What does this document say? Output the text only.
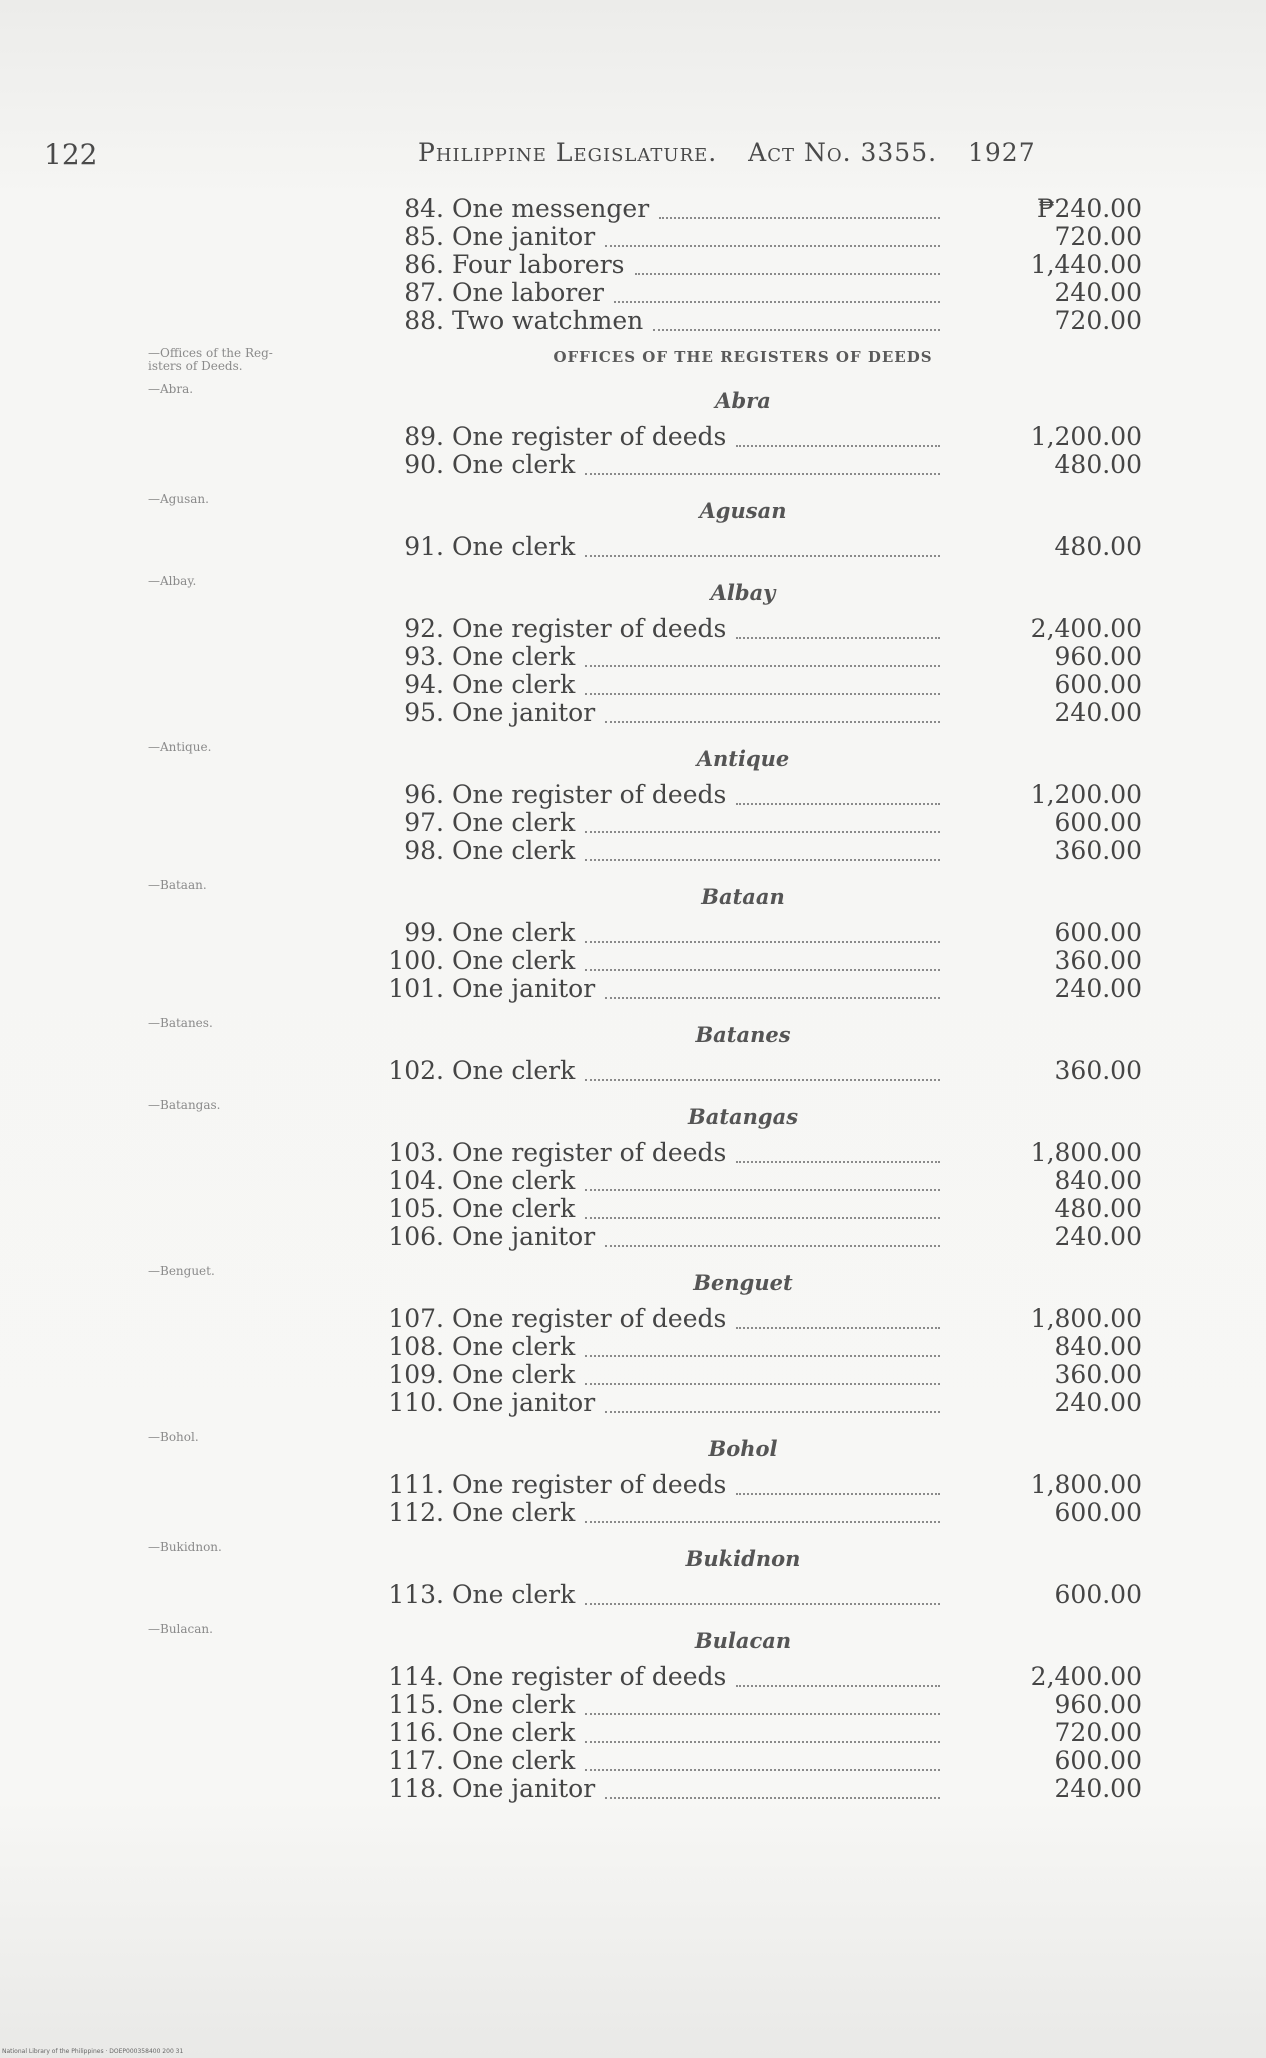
122	Philippine Legislature. Act No. 3355. 1927
—Offices of the Reg-
isters of Deeds.
—Abra.
—Agusan.
—Albay.
—Antique.
—Bataan.
—Batanes.
—Batangas.
—Benguet.
—Bohol.
—Bukidnon.
—Bulacan.
84. One messenger	₱240.00
85. One janitor	720.00
86. Four laborers	1,440.00
87. One laborer	240.00
88. Two watchmen	720.00
OFFICES OF THE REGISTERS OF DEEDS
Abra
89. One register of deeds	1,200.00
90. One clerk	480.00
Agusan
91. One clerk	480.00
Albay
92. One register of deeds	2,400.00
93. One clerk	960.00
94. One clerk	600.00
95. One janitor	240.00
Antique
96. One register of deeds	1,200.00
97. One clerk	600.00
98. One clerk	360.00
Bataan
99. One clerk	600.00
100. One clerk	360.00
101. One janitor	240.00
Batanes
102. One clerk	360.00
Batangas
103. One register of deeds	1,800.00
104. One clerk	840.00
105. One clerk	480.00
106. One janitor	240.00
Benguet
107. One register of deeds	1,800.00
108. One clerk	840.00
109. One clerk	360.00
110. One janitor	240.00
Bohol
111. One register of deeds	1,800.00
112. One clerk	600.00
Bukidnon
113. One clerk	600.00
Bulacan
114. One register of deeds	2,400.00
115. One clerk	960.00
116. One clerk	720.00
117. One clerk	600.00
118. One janitor	240.00
National Library of the Philippines · DOEP000358400 200 31
